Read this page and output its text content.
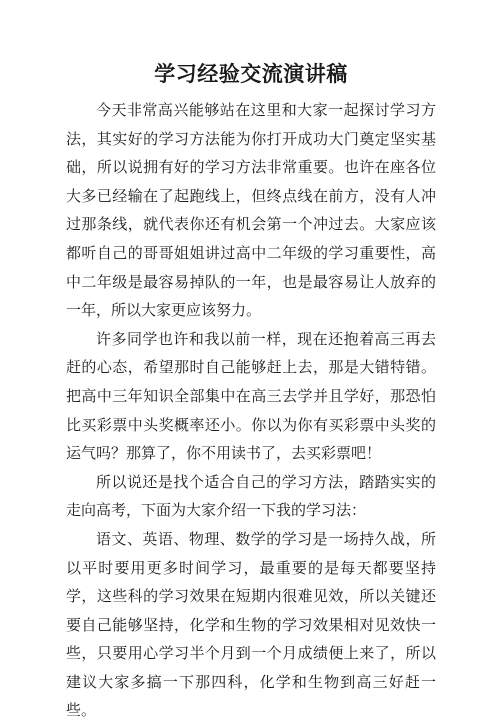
学习经验交流演讲稿

今天非常高兴能够站在这里和大家一起探讨学习方法，其实好的学习方法能为你打开成功大门奠定坚实基础，所以说拥有好的学习方法非常重要。也许在座各位大多已经输在了起跑线上，但终点线在前方，没有人冲过那条线，就代表你还有机会第一个冲过去。大家应该都听自己的哥哥姐姐讲过高中二年级的学习重要性，高中二年级是最容易掉队的一年，也是最容易让人放弃的一年，所以大家更应该努力。

许多同学也许和我以前一样，现在还抱着高三再去赶的心态，希望那时自己能够赶上去，那是大错特错。把高中三年知识全部集中在高三去学并且学好，那恐怕比买彩票中头奖概率还小。你以为你有买彩票中头奖的运气吗？那算了，你不用读书了，去买彩票吧！

所以说还是找个适合自己的学习方法，踏踏实实的走向高考，下面为大家介绍一下我的学习法：

语文、英语、物理、数学的学习是一场持久战，所以平时要用更多时间学习，最重要的是每天都要坚持学，这些科的学习效果在短期内很难见效，所以关键还要自己能够坚持，化学和生物的学习效果相对见效快一些，只要用心学习半个月到一个月成绩便上来了，所以建议大家多搞一下那四科，化学和生物到高三好赶一些。
